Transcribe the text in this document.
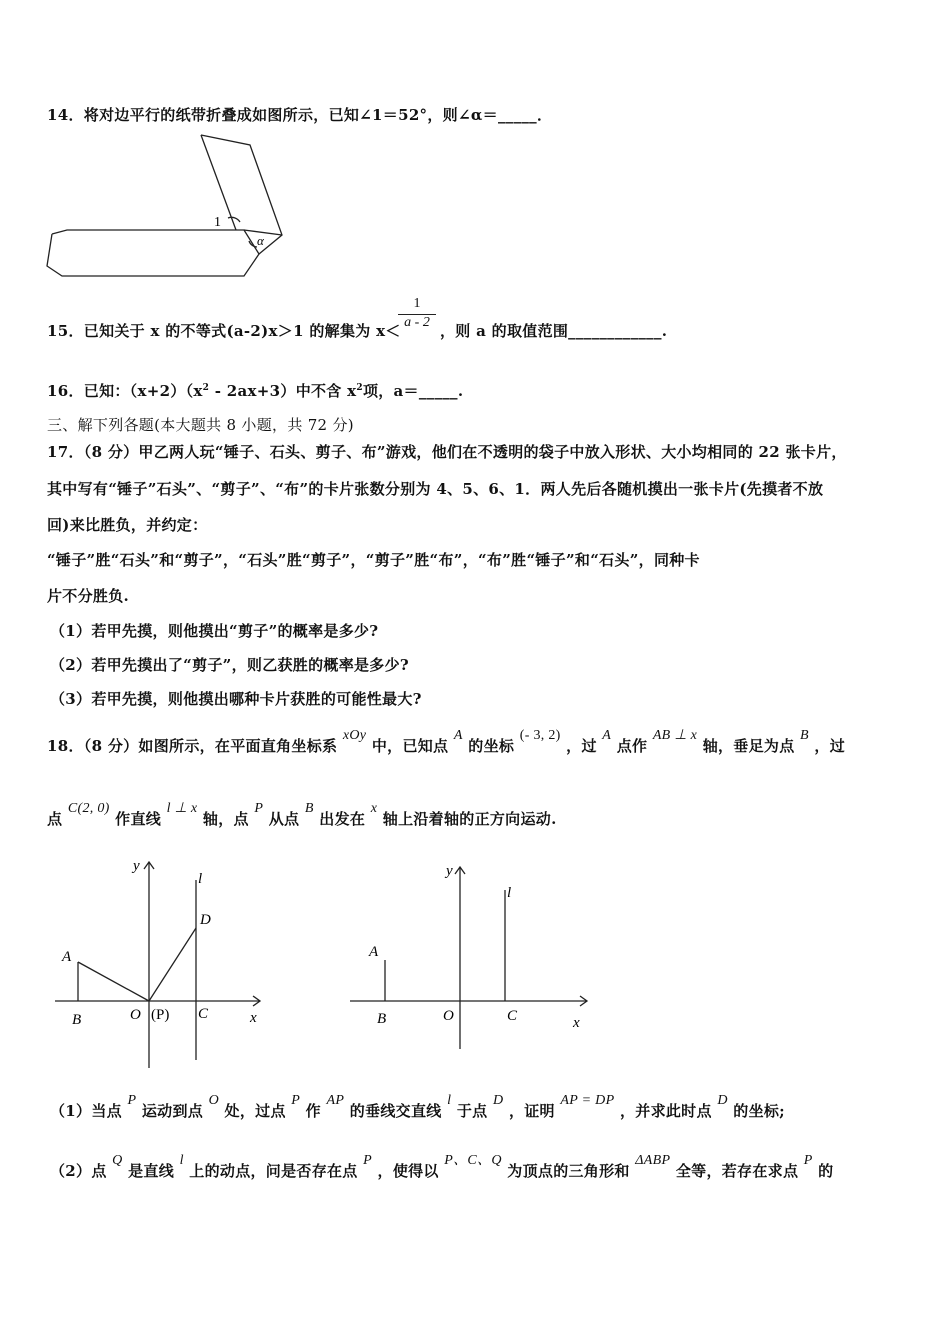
14．将对边平行的纸带折叠成如图所示，已知∠1＝52°，则∠α＝_____．
1
α
15．已知关于 x 的不等式(a-2)x＞1 的解集为 x＜
$\frac{1}{a - 2}$ ，则 a 的取值范围____________.
16．已知：$(x+2)(x^2 - 2ax+3)$中不含 $x^2$项，a＝_____.
三、解下列各题(本大题共 8 小题，共 72 分)
17．（8 分）甲乙两人玩“锤子、石头、剪子、布”游戏，他们在不透明的袋子中放入形状、大小均相同的 22 张卡片，
其中写有“锤子”石头”、“剪子”、“布”的卡片张数分别为 4、5、6、1．两人先后各随机摸出一张卡片(先摸者不放
回)来比胜负，并约定：
“锤子”胜“石头”和“剪子”，“石头”胜“剪子”，“剪子”胜“布”，“布”胜“锤子”和“石头”，同种卡
片不分胜负.
（1）若甲先摸，则他摸出“剪子”的概率是多少?
（2）若甲先摸出了“剪子”，则乙获胜的概率是多少?
（3）若甲先摸，则他摸出哪种卡片获胜的可能性最大?
18．（8 分）如图所示，在平面直角坐标系 xOy 中，已知点 A 的坐标 (- 3, 2) ，过 A 点作 AB ⊥ x 轴，垂足为点 B ，过
点 C(2, 0) 作直线 l ⊥ x 轴，点 P 从点 B 出发在 x 轴上沿着轴的正方向运动.
y
l
D
A
B	O (P) C	x
y
l
A
B	O	C	x
（1）当点 P 运动到点 O 处，过点 P 作 AP 的垂线交直线 l 于点 D ，证明 AP = DP ，并求此时点 D 的坐标;
（2）点 Q 是直线 l 上的动点，问是否存在点 P ，使得以 P、C、Q 为顶点的三角形和 ΔABP 全等，若存在求点 P 的
